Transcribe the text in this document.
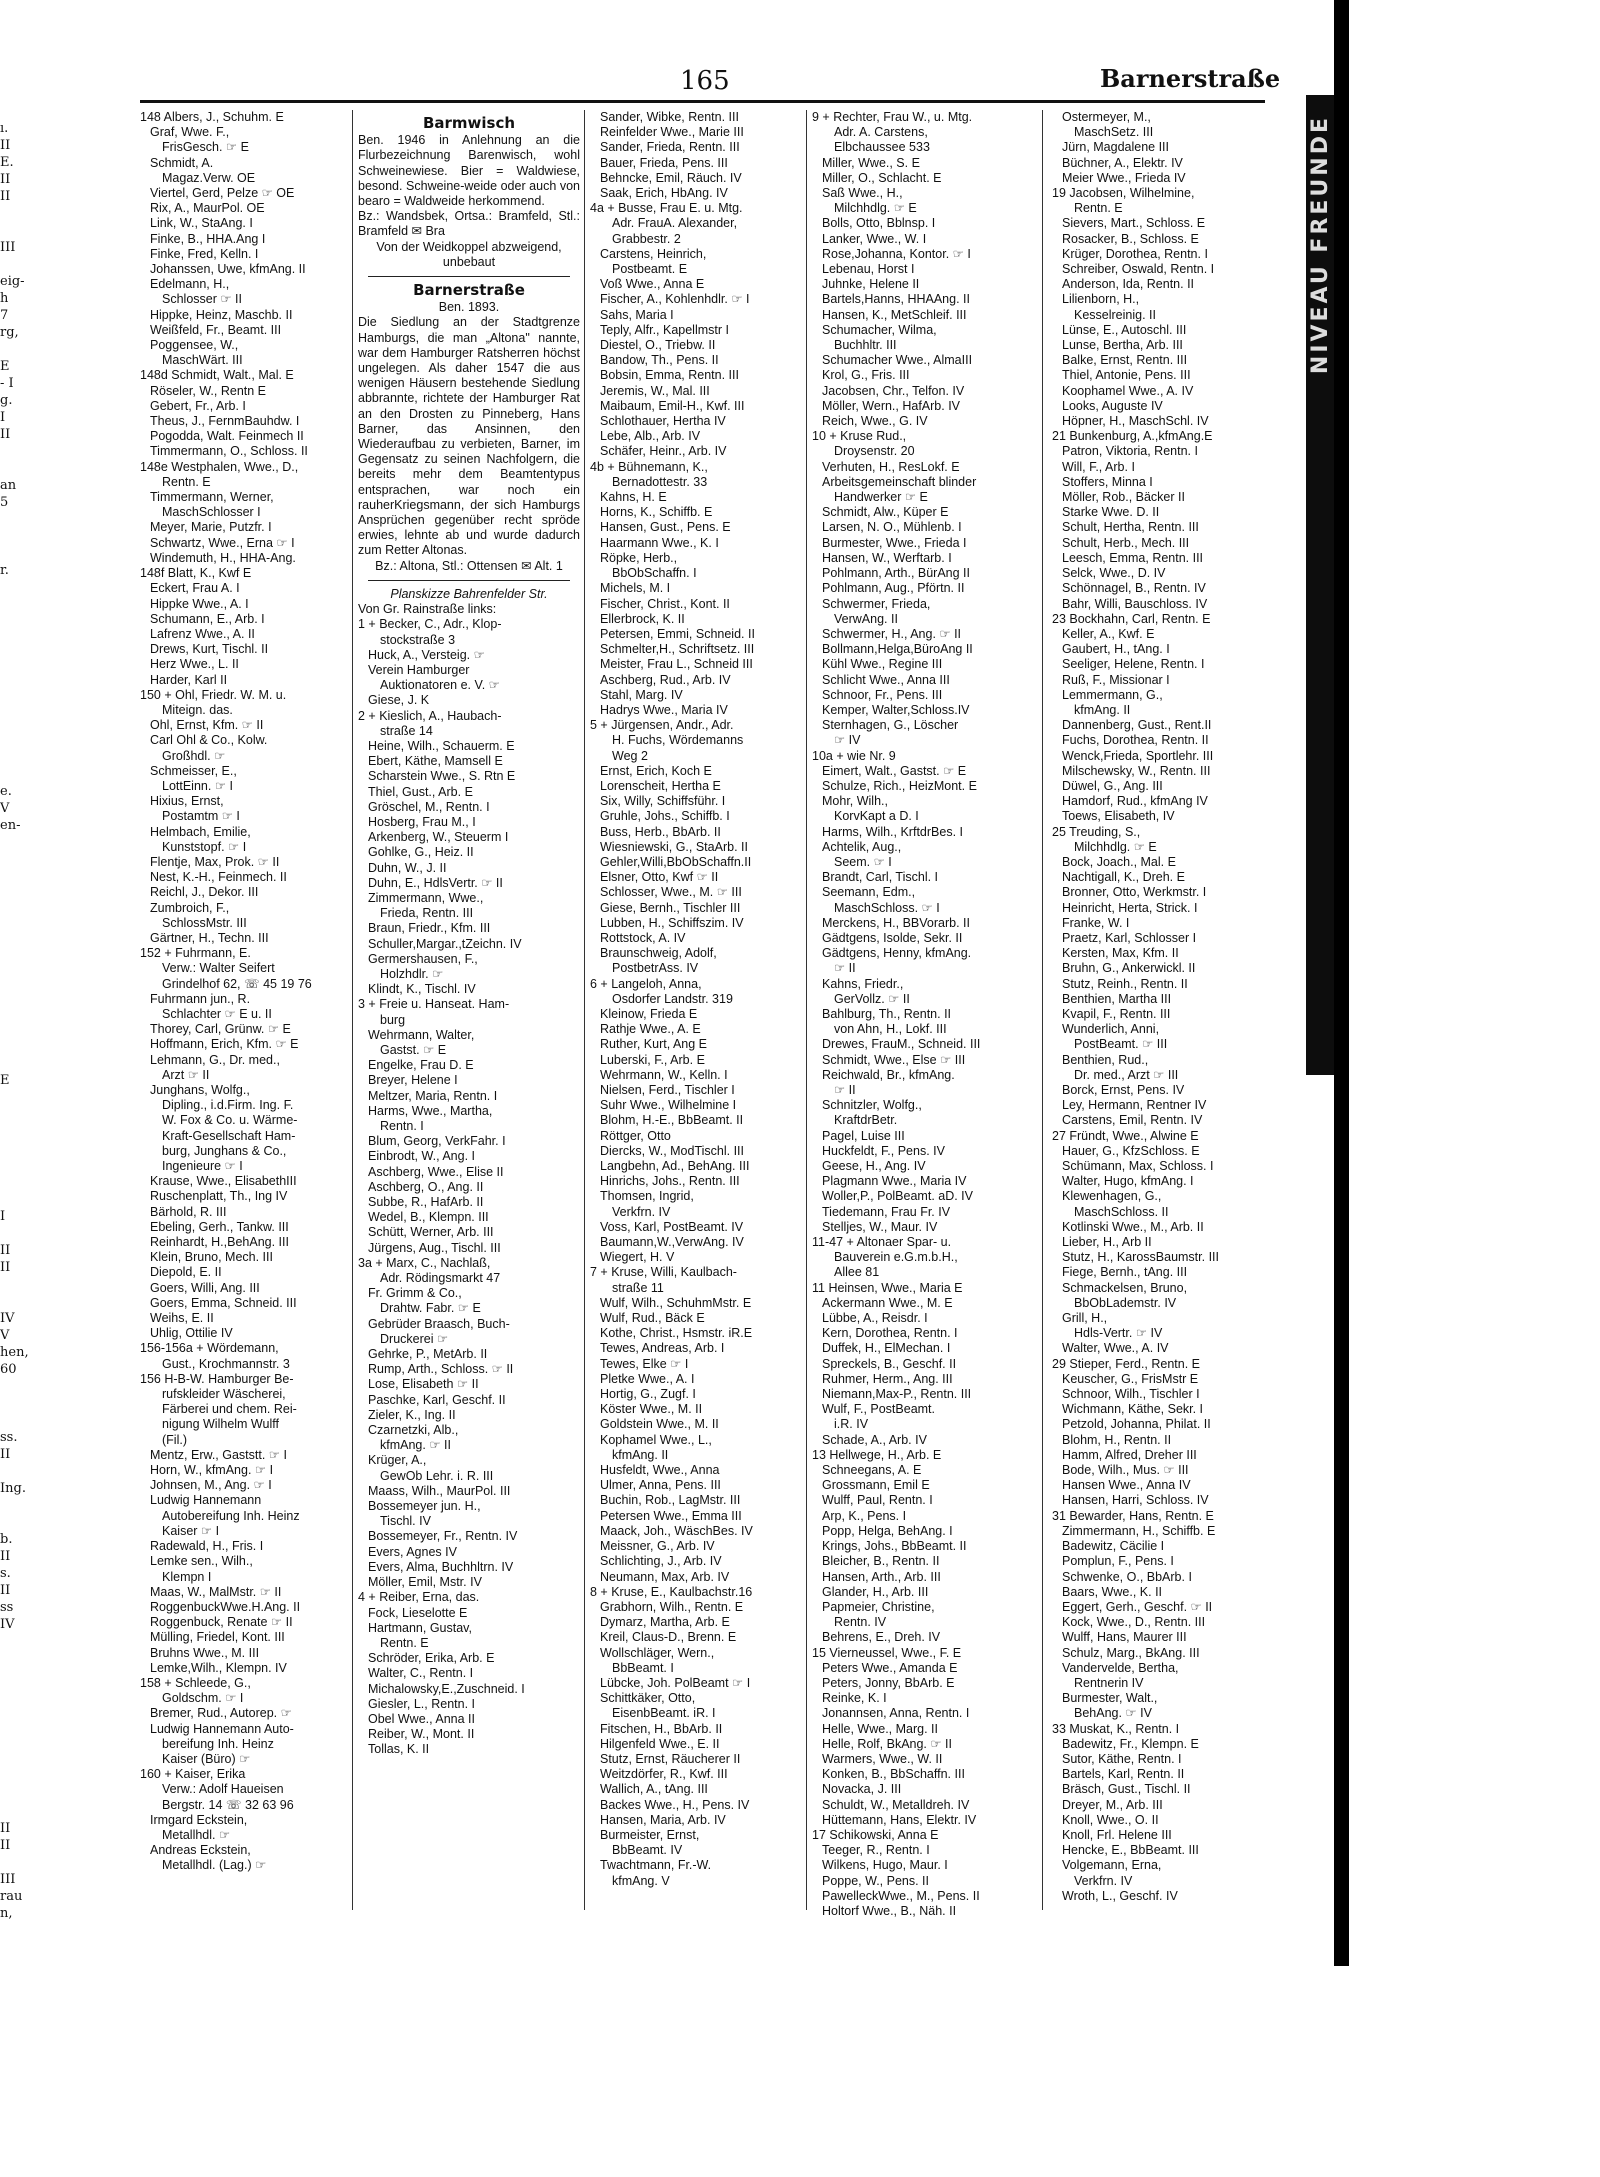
ı. II
E. II
II

III

eig-
h 7
rg,

E
- I
g. I
II

an
5

r.

e.
V
en-

E

I

II
II

IV
V
hen,
60

ss. II

Ing.

b. II
s. II
ss IV

II
II

III
rau
n,
165	Barnerstraße
148 Albers, J., Schuhm. E
Graf, Wwe. F.,
FrisGesch. ☞ E
Schmidt, A.
Magaz.Verw. OE
Viertel, Gerd, Pelze ☞ OE
Rix, A., MaurPol. OE
Link, W., StaAng. I
Finke, B., HHA.Ang I
Finke, Fred, Kelln. I
Johanssen, Uwe, kfmAng. II
Edelmann, H.,
Schlosser ☞ II
Hippke, Heinz, Maschb. II
Weißfeld, Fr., Beamt. III
Poggensee, W.,
MaschWärt. III
148d Schmidt, Walt., Mal. E
Röseler, W., Rentn E
Gebert, Fr., Arb. I
Theus, J., FernmBauhdw. I
Pogodda, Walt. Feinmech II
Timmermann, O., Schloss. II
148e Westphalen, Wwe., D.,
Rentn. E
Timmermann, Werner,
MaschSchlosser I
Meyer, Marie, Putzfr. I
Schwartz, Wwe., Erna ☞ I
Windemuth, H., HHA-Ang.
148f Blatt, K., Kwf E
Eckert, Frau A. I
Hippke Wwe., A. I
Schumann, E., Arb. I
Lafrenz Wwe., A. II
Drews, Kurt, Tischl. II
Herz Wwe., L. II
Harder, Karl II
150 + Ohl, Friedr. W. M. u.
Miteign. das.
Ohl, Ernst, Kfm. ☞ II
Carl Ohl & Co., Kolw.
Großhdl. ☞
Schmeisser, E.,
LottEinn. ☞ I
Hixius, Ernst,
Postamtm ☞ I
Helmbach, Emilie,
Kunststopf. ☞ I
Flentje, Max, Prok. ☞ II
Nest, K.-H., Feinmech. II
Reichl, J., Dekor. III
Zumbroich, F.,
SchlossMstr. III
Gärtner, H., Techn. III
152 + Fuhrmann, E.
Verw.: Walter Seifert
Grindelhof 62, ☏ 45 19 76
Fuhrmann jun., R.
Schlachter ☞ E u. II
Thorey, Carl, Grünw. ☞ E
Hoffmann, Erich, Kfm. ☞ E
Lehmann, G., Dr. med.,
Arzt ☞ II
Junghans, Wolfg.,
Dipling., i.d.Firm. Ing. F.
W. Fox & Co. u. Wärme-
Kraft-Gesellschaft Ham-
burg, Junghans & Co.,
Ingenieure ☞ I
Krause, Wwe., ElisabethIII
Ruschenplatt, Th., Ing IV
Bärhold, R. III
Ebeling, Gerh., Tankw. III
Reinhardt, H.,BehAng. III
Klein, Bruno, Mech. III
Diepold, E. II
Goers, Willi, Ang. III
Goers, Emma, Schneid. III
Weihs, E. II
Uhlig, Ottilie IV
156-156a + Wördemann,
Gust., Krochmannstr. 3
156 H-B-W. Hamburger Be-
rufskleider Wäscherei,
Färberei und chem. Rei-
nigung Wilhelm Wulff
(Fil.)
Mentz, Erw., Gaststt. ☞ I
Horn, W., kfmAng. ☞ I
Johnsen, M., Ang. ☞ I
Ludwig Hannemann
Autobereifung Inh. Heinz
Kaiser ☞ I
Radewald, H., Fris. I
Lemke sen., Wilh.,
Klempn I
Maas, W., MalMstr. ☞ II
RoggenbuckWwe.H.Ang. II
Roggenbuck, Renate ☞ II
Mülling, Friedel, Kont. III
Bruhns Wwe., M. III
Lemke,Wilh., Klempn. IV
158 + Schleede, G.,
Goldschm. ☞ I
Bremer, Rud., Autorep. ☞
Ludwig Hannemann Auto-
bereifung Inh. Heinz
Kaiser (Büro) ☞
160 + Kaiser, Erika
Verw.: Adolf Haueisen
Bergstr. 14 ☏ 32 63 96
Irmgard Eckstein,
Metallhdl. ☞
Andreas Eckstein,
Metallhdl. (Lag.) ☞
Barmwisch
Ben. 1946 in Anlehnung an die Flurbezeichnung Barenwisch, wohl Schweinewiese. Bier = Waldwiese, besond. Schweine-weide oder auch von bearo = Waldweide herkommend.
Bz.: Wandsbek, Ortsa.: Bramfeld, Stl.: Bramfeld ✉ Bra
Von der Weidkoppel abzweigend, unbebaut
Barnerstraße
Ben. 1893.
Die Siedlung an der Stadtgrenze Hamburgs, die man „Altona" nannte, war dem Hamburger Ratsherren höchst ungelegen. Als daher 1547 die aus wenigen Häusern bestehende Siedlung abbrannte, richtete der Hamburger Rat an den Drosten zu Pinneberg, Hans Barner, das Ansinnen, den Wiederaufbau zu verbieten, Barner, im Gegensatz zu seinen Nachfolgern, die bereits mehr dem Beamtentypus entsprachen, war noch ein rauherKriegsmann, der sich Hamburgs Ansprüchen gegenüber recht spröde erwies, lehnte ab und wurde dadurch zum Retter Altonas.
Bz.: Altona, Stl.: Ottensen ✉ Alt. 1
Planskizze Bahrenfelder Str.
Von Gr. Rainstraße links:
1 + Becker, C., Adr., Klop-
stockstraße 3
Huck, A., Versteig. ☞
Verein Hamburger
Auktionatoren e. V. ☞
Giese, J. K
2 + Kieslich, A., Haubach-
straße 14
Heine, Wilh., Schauerm. E
Ebert, Käthe, Mamsell E
Scharstein Wwe., S. Rtn E
Thiel, Gust., Arb. E
Gröschel, M., Rentn. I
Hosberg, Frau M., I
Arkenberg, W., Steuerm I
Gohlke, G., Heiz. II
Duhn, W., J. II
Duhn, E., HdlsVertr. ☞ II
Zimmermann, Wwe.,
Frieda, Rentn. III
Braun, Friedr., Kfm. III
Schuller,Margar.,tZeichn. IV
Germershausen, F.,
Holzhdlr. ☞
Klindt, K., Tischl. IV
3 + Freie u. Hanseat. Ham-
burg
Wehrmann, Walter,
Gastst. ☞ E
Engelke, Frau D. E
Breyer, Helene I
Meltzer, Maria, Rentn. I
Harms, Wwe., Martha,
Rentn. I
Blum, Georg, VerkFahr. I
Einbrodt, W., Ang. I
Aschberg, Wwe., Elise II
Aschberg, O., Ang. II
Subbe, R., HafArb. II
Wedel, B., Klempn. III
Schütt, Werner, Arb. III
Jürgens, Aug., Tischl. III
3a + Marx, C., Nachlaß,
Adr. Rödingsmarkt 47
Fr. Grimm & Co.,
Drahtw. Fabr. ☞ E
Gebrüder Braasch, Buch-
Druckerei ☞
Gehrke, P., MetArb. II
Rump, Arth., Schloss. ☞ II
Lose, Elisabeth ☞ II
Paschke, Karl, Geschf. II
Zieler, K., Ing. II
Czarnetzki, Alb.,
kfmAng. ☞ II
Krüger, A.,
GewOb Lehr. i. R. III
Maass, Wilh., MaurPol. III
Bossemeyer jun. H.,
Tischl. IV
Bossemeyer, Fr., Rentn. IV
Evers, Agnes IV
Evers, Alma, Buchhltrn. IV
Möller, Emil, Mstr. IV
4 + Reiber, Erna, das.
Fock, Lieselotte E
Hartmann, Gustav,
Rentn. E
Schröder, Erika, Arb. E
Walter, C., Rentn. I
Michalowsky,E.,Zuschneid. I
Giesler, L., Rentn. I
Obel Wwe., Anna II
Reiber, W., Mont. II
Tollas, K. II
Sander, Wibke, Rentn. III
Reinfelder Wwe., Marie III
Sander, Frieda, Rentn. III
Bauer, Frieda, Pens. III
Behncke, Emil, Räuch. IV
Saak, Erich, HbAng. IV
4a + Busse, Frau E. u. Mtg.
Adr. FrauA. Alexander,
Grabbestr. 2
Carstens, Heinrich,
Postbeamt. E
Voß Wwe., Anna E
Fischer, A., Kohlenhdlr. ☞ I
Sahs, Maria I
Teply, Alfr., Kapellmstr I
Diestel, O., Triebw. II
Bandow, Th., Pens. II
Bobsin, Emma, Rentn. III
Jeremis, W., Mal. III
Maibaum, Emil-H., Kwf. III
Schlothauer, Hertha IV
Lebe, Alb., Arb. IV
Schäfer, Heinr., Arb. IV
4b + Bühnemann, K.,
Bernadottestr. 33
Kahns, H. E
Horns, K., Schiffb. E
Hansen, Gust., Pens. E
Haarmann Wwe., K. I
Röpke, Herb.,
BbObSchaffn. I
Michels, M. I
Fischer, Christ., Kont. II
Ellerbrock, K. II
Petersen, Emmi, Schneid. II
Schmelter,H., Schriftsetz. III
Meister, Frau L., Schneid III
Aschberg, Rud., Arb. IV
Stahl, Marg. IV
Hadrys Wwe., Maria IV
5 + Jürgensen, Andr., Adr.
H. Fuchs, Wördemanns
Weg 2
Ernst, Erich, Koch E
Lorenscheit, Hertha E
Six, Willy, Schiffsführ. I
Gruhle, Johs., Schiffb. I
Buss, Herb., BbArb. II
Wiesniewski, G., StaArb. II
Gehler,Willi,BbObSchaffn.II
Elsner, Otto, Kwf ☞ II
Schlosser, Wwe., M. ☞ III
Giese, Bernh., Tischler III
Lubben, H., Schiffszim. IV
Rottstock, A. IV
Braunschweig, Adolf,
PostbetrAss. IV
6 + Langeloh, Anna,
Osdorfer Landstr. 319
Kleinow, Frieda E
Rathje Wwe., A. E
Ruther, Kurt, Ang E
Luberski, F., Arb. E
Wehrmann, W., Kelln. I
Nielsen, Ferd., Tischler I
Suhr Wwe., Wilhelmine I
Blohm, H.-E., BbBeamt. II
Röttger, Otto
Diercks, W., ModTischl. III
Langbehn, Ad., BehAng. III
Hinrichs, Johs., Rentn. III
Thomsen, Ingrid,
Verkfrn. IV
Voss, Karl, PostBeamt. IV
Baumann,W.,VerwAng. IV
Wiegert, H. V
7 + Kruse, Willi, Kaulbach-
straße 11
Wulf, Wilh., SchuhmMstr. E
Wulf, Rud., Bäck E
Kothe, Christ., Hsmstr. iR.E
Tewes, Andreas, Arb. I
Tewes, Elke ☞ I
Pletke Wwe., A. I
Hortig, G., Zugf. I
Köster Wwe., M. II
Goldstein Wwe., M. II
Kophamel Wwe., L.,
kfmAng. II
Husfeldt, Wwe., Anna
Ulmer, Anna, Pens. III
Buchin, Rob., LagMstr. III
Petersen Wwe., Emma III
Maack, Joh., WäschBes. IV
Meissner, G., Arb. IV
Schlichting, J., Arb. IV
Neumann, Max, Arb. IV
8 + Kruse, E., Kaulbachstr.16
Grabhorn, Wilh., Rentn. E
Dymarz, Martha, Arb. E
Kreil, Claus-D., Brenn. E
Wollschläger, Wern.,
BbBeamt. I
Lübcke, Joh. PolBeamt ☞ I
Schittkäker, Otto,
EisenbBeamt. iR. I
Fitschen, H., BbArb. II
Hilgenfeld Wwe., E. II
Stutz, Ernst, Räucherer II
Weitzdörfer, R., Kwf. III
Wallich, A., tAng. III
Backes Wwe., H., Pens. IV
Hansen, Maria, Arb. IV
Burmeister, Ernst,
BbBeamt. IV
Twachtmann, Fr.-W.
kfmAng. V
9 + Rechter, Frau W., u. Mtg.
Adr. A. Carstens,
Elbchaussee 533
Miller, Wwe., S. E
Miller, O., Schlacht. E
Saß Wwe., H.,
Milchhdlg. ☞ E
Bolls, Otto, Bblnsp. I
Lanker, Wwe., W. I
Rose,Johanna, Kontor. ☞ I
Lebenau, Horst I
Juhnke, Helene II
Bartels,Hanns, HHAAng. II
Hansen, K., MetSchleif. III
Schumacher, Wilma,
Buchhltr. III
Schumacher Wwe., AlmaIII
Krol, G., Fris. III
Jacobsen, Chr., Telfon. IV
Möller, Wern., HafArb. IV
Reich, Wwe., G. IV
10 + Kruse Rud.,
Droysenstr. 20
Verhuten, H., ResLokf. E
Arbeitsgemeinschaft blinder
Handwerker ☞ E
Schmidt, Alw., Küper E
Larsen, N. O., Mühlenb. I
Burmester, Wwe., Frieda I
Hansen, W., Werftarb. I
Pohlmann, Arth., BürAng II
Pohlmann, Aug., Pförtn. II
Schwermer, Frieda,
VerwAng. II
Schwermer, H., Ang. ☞ II
Bollmann,Helga,BüroAng II
Kühl Wwe., Regine III
Schlicht Wwe., Anna III
Schnoor, Fr., Pens. III
Kemper, Walter,Schloss.IV
Sternhagen, G., Löscher
☞ IV
10a + wie Nr. 9
Eimert, Walt., Gastst. ☞ E
Schulze, Rich., HeizMont. E
Mohr, Wilh.,
KorvKapt a D. I
Harms, Wilh., KrftdrBes. I
Achtelik, Aug.,
Seem. ☞ I
Brandt, Carl, Tischl. I
Seemann, Edm.,
MaschSchloss. ☞ I
Merckens, H., BBVorarb. II
Gädtgens, Isolde, Sekr. II
Gädtgens, Henny, kfmAng.
☞ II
Kahns, Friedr.,
GerVollz. ☞ II
Bahlburg, Th., Rentn. II
von Ahn, H., Lokf. III
Drewes, FrauM., Schneid. III
Schmidt, Wwe., Else ☞ III
Reichwald, Br., kfmAng.
☞ II
Schnitzler, Wolfg.,
KraftdrBetr.
Pagel, Luise III
Huckfeldt, F., Pens. IV
Geese, H., Ang. IV
Plagmann Wwe., Maria IV
Woller,P., PolBeamt. aD. IV
Tiedemann, Frau Fr. IV
Stelljes, W., Maur. IV
11-47 + Altonaer Spar- u.
Bauverein e.G.m.b.H.,
Allee 81
11 Heinsen, Wwe., Maria E
Ackermann Wwe., M. E
Lübbe, A., Reisdr. I
Kern, Dorothea, Rentn. I
Duffek, H., ElMechan. I
Spreckels, B., Geschf. II
Ruhmer, Herm., Ang. III
Niemann,Max-P., Rentn. III
Wulf, F., PostBeamt.
i.R. IV
Schade, A., Arb. IV
13 Hellwege, H., Arb. E
Schneegans, A. E
Grossmann, Emil E
Wulff, Paul, Rentn. I
Arp, K., Pens. I
Popp, Helga, BehAng. I
Krings, Johs., BbBeamt. II
Bleicher, B., Rentn. II
Hansen, Arth., Arb. III
Glander, H., Arb. III
Papmeier, Christine,
Rentn. IV
Behrens, E., Dreh. IV
15 Vierneussel, Wwe., F. E
Peters Wwe., Amanda E
Peters, Jonny, BbArb. E
Reinke, K. I
Jonannsen, Anna, Rentn. I
Helle, Wwe., Marg. II
Helle, Rolf, BkAng. ☞ II
Warmers, Wwe., W. II
Konken, B., BbSchaffn. III
Novacka, J. III
Schuldt, W., Metalldreh. IV
Hüttemann, Hans, Elektr. IV
17 Schikowski, Anna E
Teeger, R., Rentn. I
Wilkens, Hugo, Maur. I
Poppe, W., Pens. II
PawelleckWwe., M., Pens. II
Holtorf Wwe., B., Näh. II
Ostermeyer, M.,
MaschSetz. III
Jürn, Magdalene III
Büchner, A., Elektr. IV
Meier Wwe., Frieda IV
19 Jacobsen, Wilhelmine,
Rentn. E
Sievers, Mart., Schloss. E
Rosacker, B., Schloss. E
Krüger, Dorothea, Rentn. I
Schreiber, Oswald, Rentn. I
Anderson, Ida, Rentn. II
Lilienborn, H.,
Kesselreinig. II
Lünse, E., Autoschl. III
Lunse, Bertha, Arb. III
Balke, Ernst, Rentn. III
Thiel, Antonie, Pens. III
Koophamel Wwe., A. IV
Looks, Auguste IV
Höpner, H., MaschSchl. IV
21 Bunkenburg, A.,kfmAng.E
Patron, Viktoria, Rentn. I
Will, F., Arb. I
Stoffers, Minna I
Möller, Rob., Bäcker II
Starke Wwe. D. II
Schult, Hertha, Rentn. III
Schult, Herb., Mech. III
Leesch, Emma, Rentn. III
Selck, Wwe., D. IV
Schönnagel, B., Rentn. IV
Bahr, Willi, Bauschloss. IV
23 Bockhahn, Carl, Rentn. E
Keller, A., Kwf. E
Gaubert, H., tAng. I
Seeliger, Helene, Rentn. I
Ruß, F., Missionar I
Lemmermann, G.,
kfmAng. II
Dannenberg, Gust., Rent.II
Fuchs, Dorothea, Rentn. II
Wenck,Frieda, Sportlehr. III
Milschewsky, W., Rentn. III
Düwel, G., Ang. III
Hamdorf, Rud., kfmAng IV
Toews, Elisabeth, IV
25 Treuding, S.,
Milchhdlg. ☞ E
Bock, Joach., Mal. E
Nachtigall, K., Dreh. E
Bronner, Otto, Werkmstr. I
Heinricht, Herta, Strick. I
Franke, W. I
Praetz, Karl, Schlosser I
Kersten, Max, Kfm. II
Bruhn, G., Ankerwickl. II
Stutz, Reinh., Rentn. II
Benthien, Martha III
Kvapil, F., Rentn. III
Wunderlich, Anni,
PostBeamt. ☞ III
Benthien, Rud.,
Dr. med., Arzt ☞ III
Borck, Ernst, Pens. IV
Ley, Hermann, Rentner IV
Carstens, Emil, Rentn. IV
27 Fründt, Wwe., Alwine E
Hauer, G., KfzSchloss. E
Schümann, Max, Schloss. I
Walter, Hugo, kfmAng. I
Klewenhagen, G.,
MaschSchloss. II
Kotlinski Wwe., M., Arb. II
Lieber, H., Arb II
Stutz, H., KarossBaumstr. III
Fiege, Bernh., tAng. III
Schmackelsen, Bruno,
BbObLademstr. IV
Grill, H.,
Hdls-Vertr. ☞ IV
Walter, Wwe., A. IV
29 Stieper, Ferd., Rentn. E
Keuscher, G., FrisMstr E
Schnoor, Wilh., Tischler I
Wichmann, Käthe, Sekr. I
Petzold, Johanna, Philat. II
Blohm, H., Rentn. II
Hamm, Alfred, Dreher III
Bode, Wilh., Mus. ☞ III
Hansen Wwe., Anna IV
Hansen, Harri, Schloss. IV
31 Bewarder, Hans, Rentn. E
Zimmermann, H., Schiffb. E
Badewitz, Cäcilie I
Pomplun, F., Pens. I
Schwenke, O., BbArb. I
Baars, Wwe., K. II
Eggert, Gerh., Geschf. ☞ II
Kock, Wwe., D., Rentn. III
Wulff, Hans, Maurer III
Schulz, Marg., BkAng. III
Vandervelde, Bertha,
Rentnerin IV
Burmester, Walt.,
BehAng. ☞ IV
33 Muskat, K., Rentn. I
Badewitz, Fr., Klempn. E
Sutor, Käthe, Rentn. I
Bartels, Karl, Rentn. II
Bräsch, Gust., Tischl. II
Dreyer, M., Arb. III
Knoll, Wwe., O. II
Knoll, Frl. Helene III
Hencke, E., BbBeamt. III
Volgemann, Erna,
Verkfrn. IV
Wroth, L., Geschf. IV
NIVEAU FREUNDE
